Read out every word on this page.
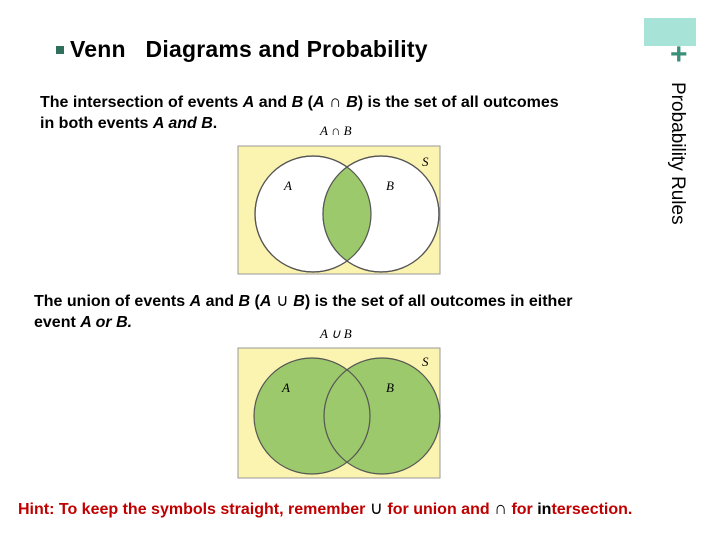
Venn Diagrams and Probability	+
Probability Rules
The intersection of events A and B (A ∩ B) is the set of all outcomes
in both events A and B.	A ∩ B
S
A	B
The union of events A and B (A ∪ B) is the set of all outcomes in either
event A or B.
A ∪ B
S
A	B
Hint: To keep the symbols straight, remember ∪ for union and ∩ for intersection.
